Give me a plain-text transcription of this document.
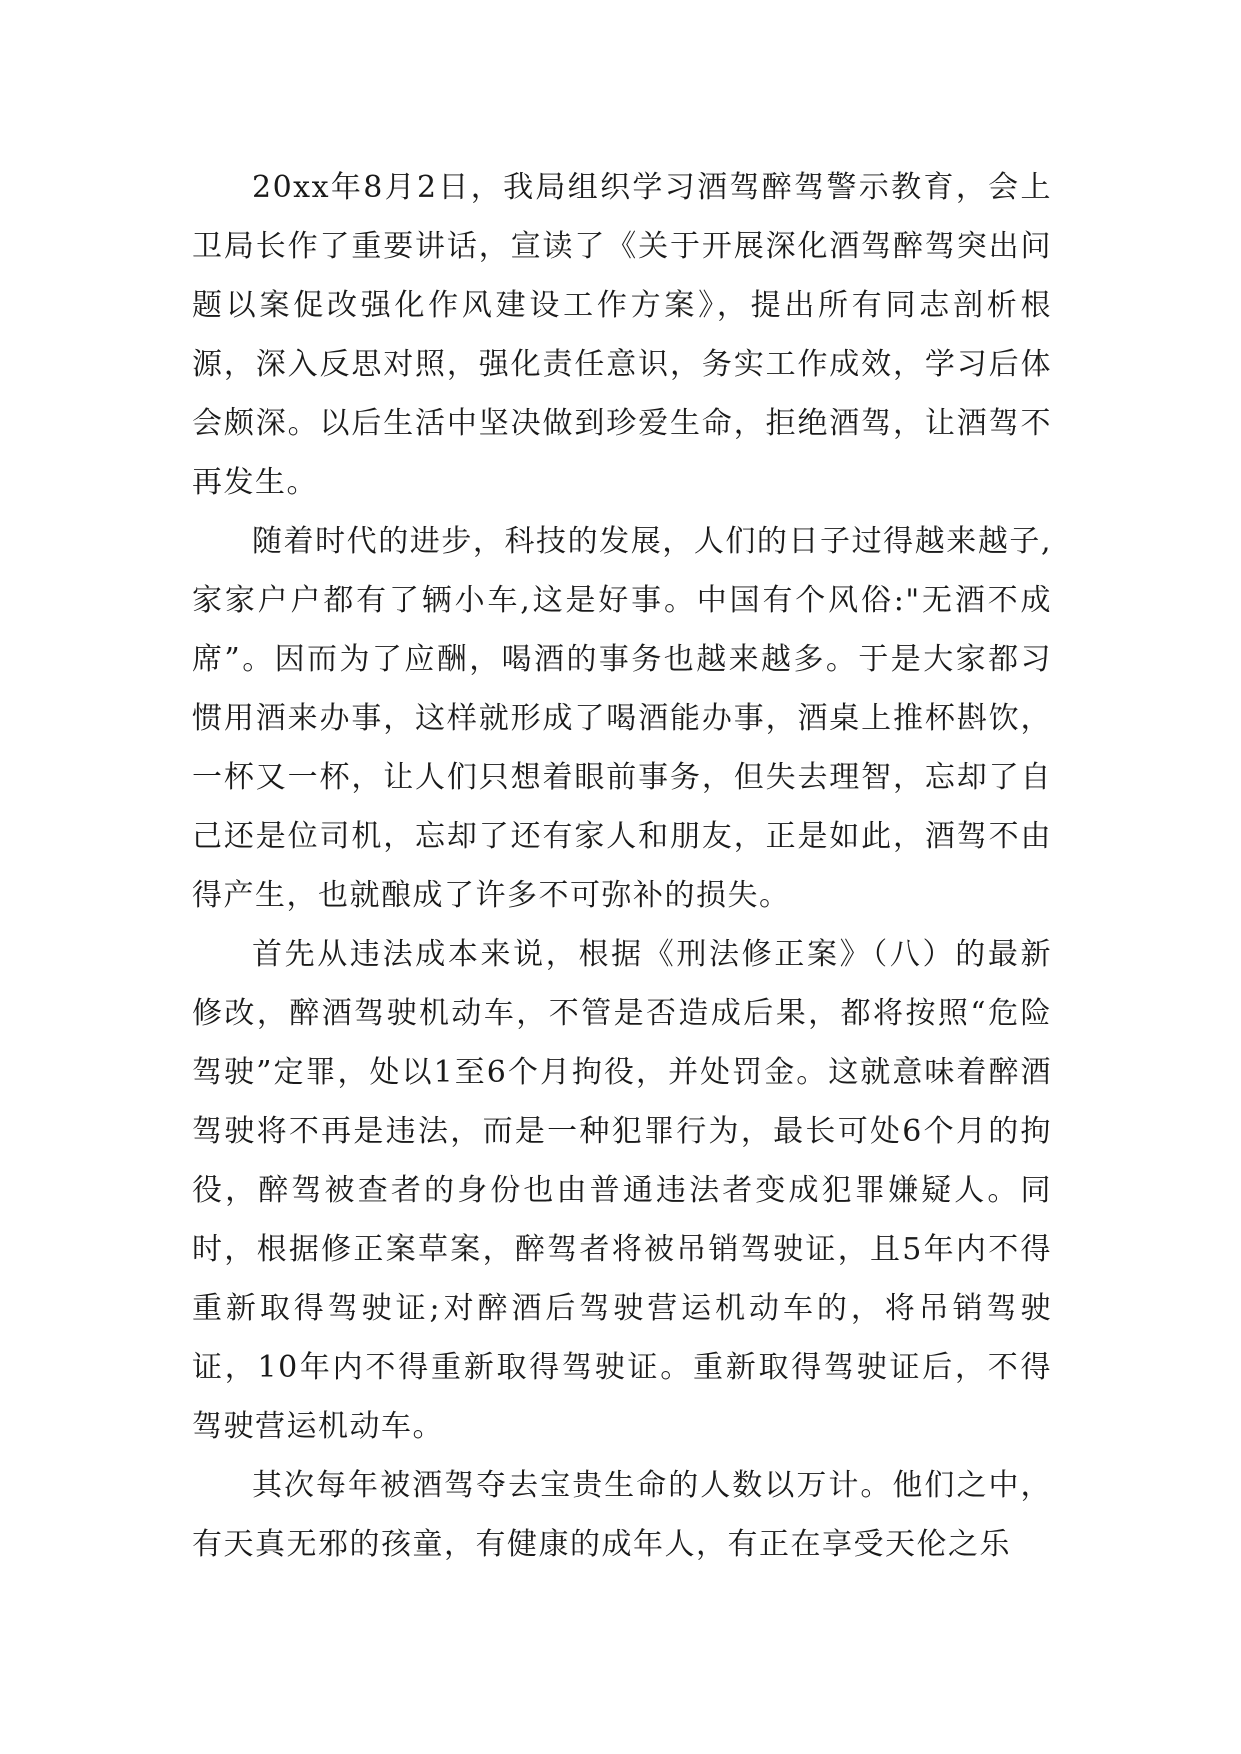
20xx年8月2日，我局组织学习酒驾醉驾警示教育，会上卫局长作了重要讲话，宣读了《关于开展深化酒驾醉驾突出问题以案促改强化作风建设工作方案》，提出所有同志剖析根源，深入反思对照，强化责任意识，务实工作成效，学习后体会颇深。以后生活中坚决做到珍爱生命，拒绝酒驾，让酒驾不再发生。

随着时代的进步，科技的发展，人们的日子过得越来越子,家家户户都有了辆小车,这是好事。中国有个风俗:"无酒不成席”。因而为了应酬，喝酒的事务也越来越多。于是大家都习惯用酒来办事，这样就形成了喝酒能办事，酒桌上推杯斟饮，一杯又一杯，让人们只想着眼前事务，但失去理智，忘却了自己还是位司机，忘却了还有家人和朋友，正是如此，酒驾不由得产生，也就酿成了许多不可弥补的损失。

首先从违法成本来说，根据《刑法修正案》（八）的最新修改，醉酒驾驶机动车，不管是否造成后果，都将按照“危险驾驶”定罪，处以1至6个月拘役，并处罚金。这就意味着醉酒驾驶将不再是违法，而是一种犯罪行为，最长可处6个月的拘役，醉驾被查者的身份也由普通违法者变成犯罪嫌疑人。同时，根据修正案草案，醉驾者将被吊销驾驶证，且5年内不得重新取得驾驶证;对醉酒后驾驶营运机动车的，将吊销驾驶证，10年内不得重新取得驾驶证。重新取得驾驶证后，不得驾驶营运机动车。

其次每年被酒驾夺去宝贵生命的人数以万计。他们之中，有天真无邪的孩童，有健康的成年人，有正在享受天伦之乐
